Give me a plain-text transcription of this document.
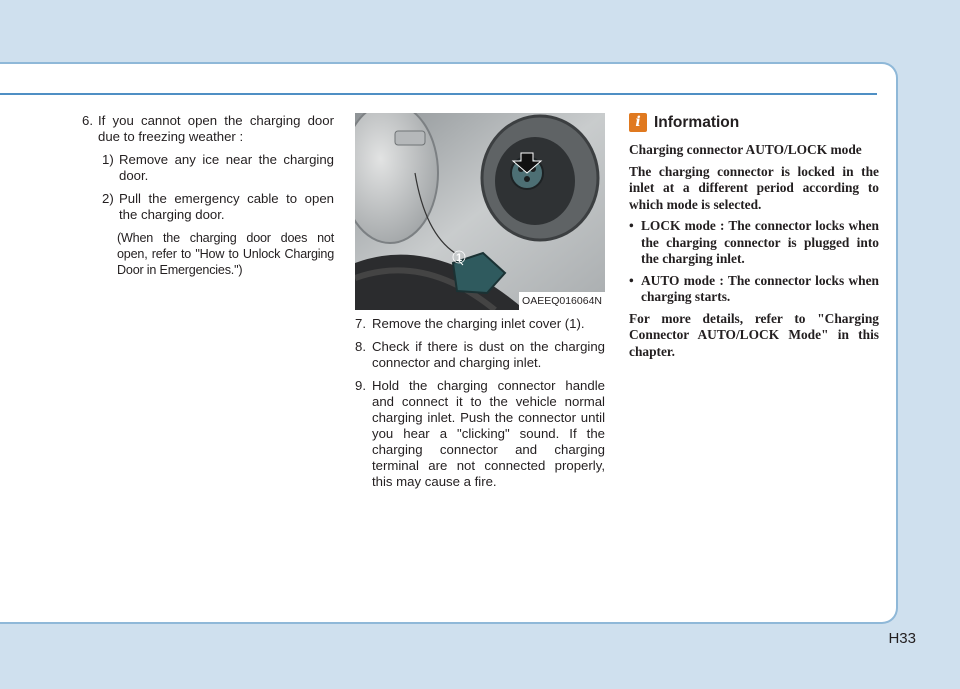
6. If you cannot open the charging door due to freezing weather :
1) Remove any ice near the charging door.
2) Pull the emergency cable to open the charging door.
(When the charging door does not open, refer to "How to Unlock Charging Door in Emergencies.")
1
OAEEQ016064N
7. Remove the charging inlet cover (1).
8. Check if there is dust on the charging connector and charging inlet.
9. Hold the charging connector handle and connect it to the vehicle normal charging inlet. Push the connector until you hear a "clicking" sound. If the charging connector and charging terminal are not connected properly, this may cause a fire.
i Information

Charging connector AUTO/LOCK mode

The charging connector is locked in the inlet at a different period according to which mode is selected.

• LOCK mode : The connector locks when the charging connector is plugged into the charging inlet.
• AUTO mode : The connector locks when charging starts.

For more details, refer to "Charging Connector AUTO/LOCK Mode" in this chapter.

H33
